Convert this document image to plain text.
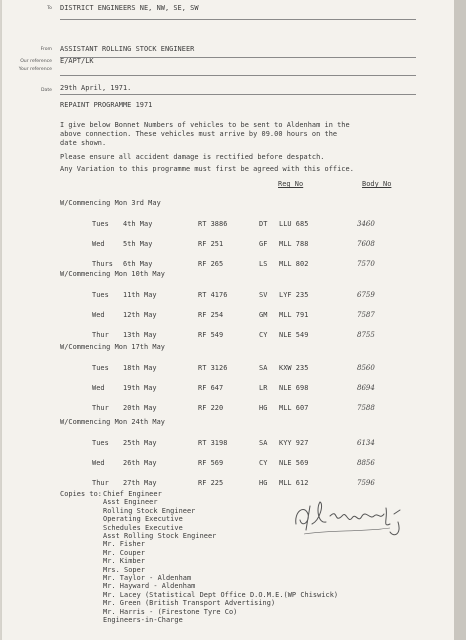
To DISTRICT ENGINEERS NE, NW, SE, SW
From ASSISTANT ROLLING STOCK ENGINEER
Our reference E/APT/LK
Your reference
Date 29th April, 1971.
REPAINT PROGRAMME 1971
I give below Bonnet Numbers of vehicles to be sent to Aldenham in the
above connection. These vehicles must arrive by 09.00 hours on the
date shown.
Please ensure all accident damage is rectified before despatch.
Any Variation to this programme must first be agreed with this office.
Reg No	Body No
W/Commencing Mon 3rd May
Tues 4th May	RT 3886	DT LLU 685	3460
Wed	5th May	RF 251	GF MLL 788	7608
Thurs 6th May	RF 265	LS MLL 802	7570
W/Commencing Mon 10th May
Tues 11th May	RT 4176	SV LYF 235	6759
Wed	12th May	RF 254	GM MLL 791	7587
Thur 13th May	RF 549	CY NLE 549	8755
W/Commencing Mon 17th May
Tues 18th May	RT 3126	SA KXW 235	8560
Wed	19th May	RF 647	LR NLE 698	8694
Thur 20th May	RF 220	HG MLL 607	7588
W/Commencing Mon 24th May
Tues 25th May	RT 3198	SA KYY 927	6134
Wed	26th May	RF 569	CY NLE 569	8856
Thur 27th May	RF 225	HG MLL 612	7596
Copies to: Chief Engineer
Asst Engineer
Rolling Stock Engineer
Operating Executive
Schedules Executive
Asst Rolling Stock Engineer
Mr. Fisher
Mr. Couper
Mr. Kimber
Mrs. Soper
Mr. Taylor - Aldenham
Mr. Hayward - Aldenham
Mr. Lacey (Statistical Dept Office D.O.M.E.(WP Chiswick)
Mr. Green (British Transport Advertising)
Mr. Harris - (Firestone Tyre Co)
Engineers-in-Charge
